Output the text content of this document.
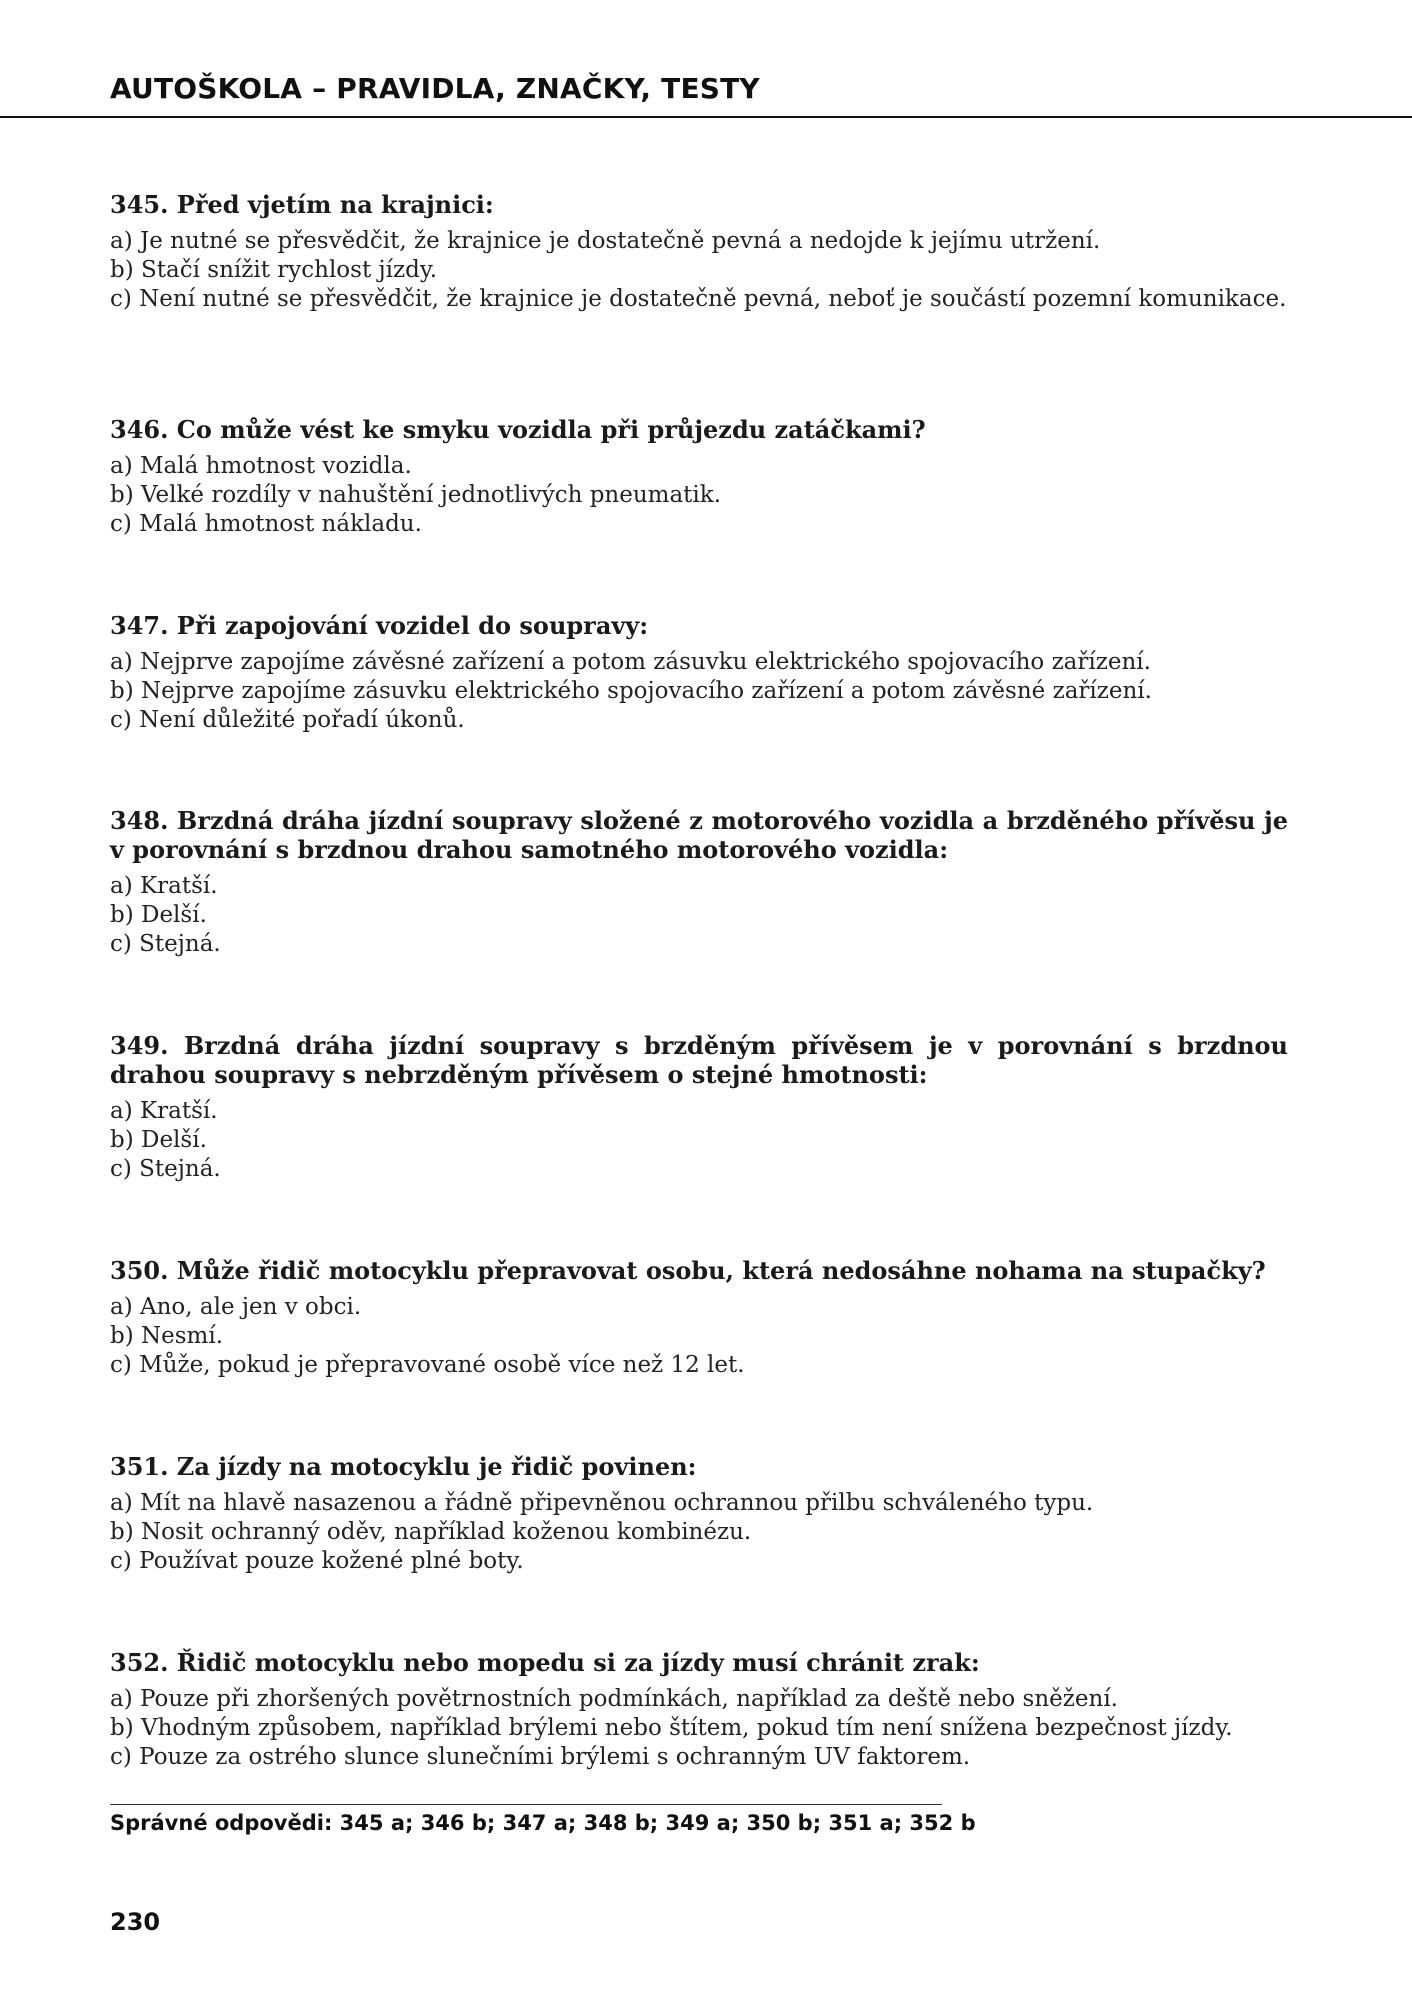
AUTOŠKOLA – PRAVIDLA, ZNAČKY, TESTY
345. Před vjetím na krajnici:
a) Je nutné se přesvědčit, že krajnice je dostatečně pevná a nedojde k jejímu utržení.
b) Stačí snížit rychlost jízdy.
c) Není nutné se přesvědčit, že krajnice je dostatečně pevná, neboť je součástí pozemní komunikace.
346. Co může vést ke smyku vozidla při průjezdu zatáčkami?
a) Malá hmotnost vozidla.
b) Velké rozdíly v nahuštění jednotlivých pneumatik.
c) Malá hmotnost nákladu.
347. Při zapojování vozidel do soupravy:
a) Nejprve zapojíme závěsné zařízení a potom zásuvku elektrického spojovacího zařízení.
b) Nejprve zapojíme zásuvku elektrického spojovacího zařízení a potom závěsné zařízení.
c) Není důležité pořadí úkonů.
348. Brzdná dráha jízdní soupravy složené z motorového vozidla a brzděného přívěsu je v porovnání s brzdnou drahou samotného motorového vozidla:
a) Kratší.
b) Delší.
c) Stejná.
349. Brzdná dráha jízdní soupravy s brzděným přívěsem je v porovnání s brzdnou drahou soupravy s nebrzděným přívěsem o stejné hmotnosti:
a) Kratší.
b) Delší.
c) Stejná.
350. Může řidič motocyklu přepravovat osobu, která nedosáhne nohama na stupačky?
a) Ano, ale jen v obci.
b) Nesmí.
c) Může, pokud je přepravované osobě více než 12 let.
351. Za jízdy na motocyklu je řidič povinen:
a) Mít na hlavě nasazenou a řádně připevněnou ochrannou přilbu schváleného typu.
b) Nosit ochranný oděv, například koženou kombinézu.
c) Používat pouze kožené plné boty.
352. Řidič motocyklu nebo mopedu si za jízdy musí chránit zrak:
a) Pouze při zhoršených povětrnostních podmínkách, například za deště nebo sněžení.
b) Vhodným způsobem, například brýlemi nebo štítem, pokud tím není snížena bezpečnost jízdy.
c) Pouze za ostrého slunce slunečními brýlemi s ochranným UV faktorem.
Správné odpovědi: 345 a; 346 b; 347 a; 348 b; 349 a; 350 b; 351 a; 352 b
230
